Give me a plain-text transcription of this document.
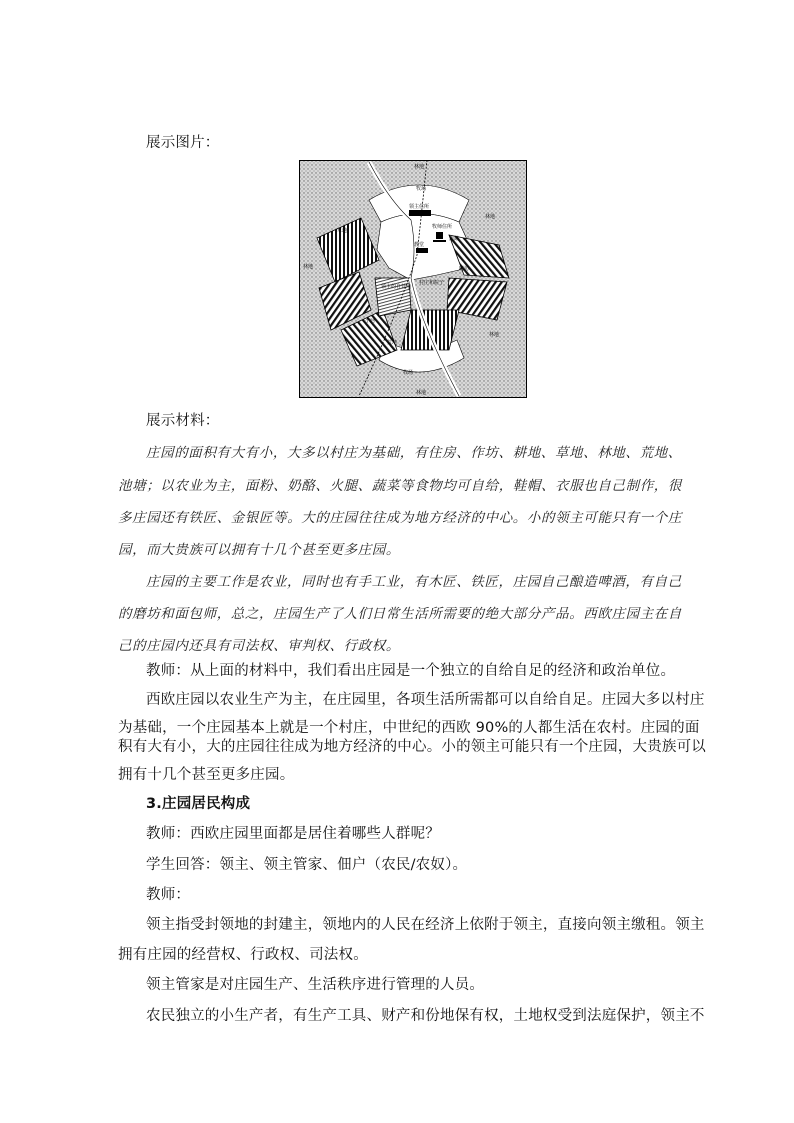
展示图片：
林地
牧场
领主住所
牧师住所
教堂
林地
林地
草地
磨坊
领主的自营地
村庄和院子
小河
道路
荒地
林地
牧场
林地
展示材料：
庄园的面积有大有小，大多以村庄为基础，有住房、作坊、耕地、草地、林地、荒地、
池塘；以农业为主，面粉、奶酪、火腿、蔬菜等食物均可自给，鞋帽、衣服也自己制作，很
多庄园还有铁匠、金银匠等。大的庄园往往成为地方经济的中心。小的领主可能只有一个庄
园，而大贵族可以拥有十几个甚至更多庄园。
庄园的主要工作是农业，同时也有手工业，有木匠、铁匠，庄园自己酿造啤酒，有自己
的磨坊和面包师，总之，庄园生产了人们日常生活所需要的绝大部分产品。西欧庄园主在自
己的庄园内还具有司法权、审判权、行政权。
教师：从上面的材料中，我们看出庄园是一个独立的自给自足的经济和政治单位。
西欧庄园以农业生产为主，在庄园里，各项生活所需都可以自给自足。庄园大多以村庄
为基础，一个庄园基本上就是一个村庄，中世纪的西欧 90%的人都生活在农村。庄园的面
积有大有小，大的庄园往往成为地方经济的中心。小的领主可能只有一个庄园，大贵族可以
拥有十几个甚至更多庄园。
3.庄园居民构成
教师：西欧庄园里面都是居住着哪些人群呢？
学生回答：领主、领主管家、佃户（农民/农奴）。
教师：
领主指受封领地的封建主，领地内的人民在经济上依附于领主，直接向领主缴租。领主
拥有庄园的经营权、行政权、司法权。
领主管家是对庄园生产、生活秩序进行管理的人员。
农民独立的小生产者，有生产工具、财产和份地保有权，土地权受到法庭保护，领主不
